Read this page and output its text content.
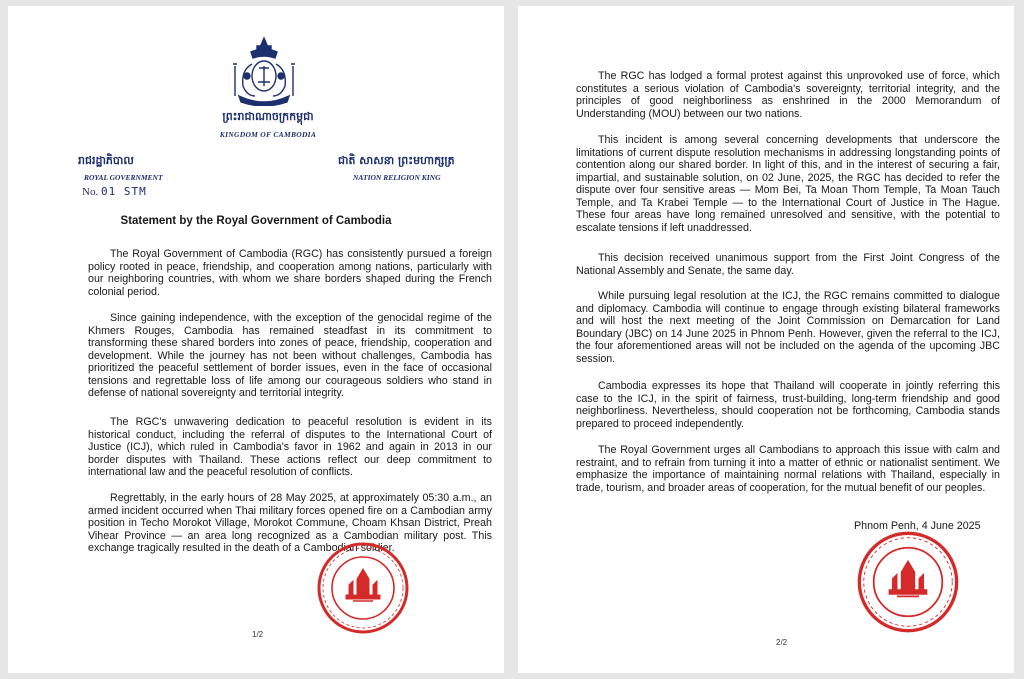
ព្រះរាជាណាចក្រកម្ពុជា
KINGDOM OF CAMBODIA
រាជរដ្ឋាភិបាល	ជាតិ សាសនា ព្រះមហាក្សត្រ
ROYAL GOVERNMENT	NATION RELIGION KING
No. 01 STM
Statement by the Royal Government of Cambodia

The Royal Government of Cambodia (RGC) has consistently pursued a foreign policy rooted in peace, friendship, and cooperation among nations, particularly with our neighboring countries, with whom we share borders shaped during the French colonial period.

Since gaining independence, with the exception of the genocidal regime of the Khmers Rouges, Cambodia has remained steadfast in its commitment to transforming these shared borders into zones of peace, friendship, cooperation and development. While the journey has not been without challenges, Cambodia has prioritized the peaceful settlement of border issues, even in the face of occasional tensions and regrettable loss of life among our courageous soldiers who stand in defense of national sovereignty and territorial integrity.

The RGC's unwavering dedication to peaceful resolution is evident in its historical conduct, including the referral of disputes to the International Court of Justice (ICJ), which ruled in Cambodia's favor in 1962 and again in 2013 in our border disputes with Thailand. These actions reflect our deep commitment to international law and the peaceful resolution of conflicts.

Regrettably, in the early hours of 28 May 2025, at approximately 05:30 a.m., an armed incident occurred when Thai military forces opened fire on a Cambodian army position in Techo Morokot Village, Morokot Commune, Choam Khsan District, Preah Vihear Province — an area long recognized as a Cambodian military post. This exchange tragically resulted in the death of a Cambodian soldier.

1/2

The RGC has lodged a formal protest against this unprovoked use of force, which constitutes a serious violation of Cambodia's sovereignty, territorial integrity, and the principles of good neighborliness as enshrined in the 2000 Memorandum of Understanding (MOU) between our two nations.

This incident is among several concerning developments that underscore the limitations of current dispute resolution mechanisms in addressing longstanding points of contention along our shared border. In light of this, and in the interest of securing a fair, impartial, and sustainable solution, on 02 June, 2025, the RGC has decided to refer the dispute over four sensitive areas — Mom Bei, Ta Moan Thom Temple, Ta Moan Tauch Temple, and Ta Krabei Temple — to the International Court of Justice in The Hague. These four areas have long remained unresolved and sensitive, with the potential to escalate tensions if left unaddressed.

This decision received unanimous support from the First Joint Congress of the National Assembly and Senate, the same day.

While pursuing legal resolution at the ICJ, the RGC remains committed to dialogue and diplomacy. Cambodia will continue to engage through existing bilateral frameworks and will host the next meeting of the Joint Commission on Demarcation for Land Boundary (JBC) on 14 June 2025 in Phnom Penh. However, given the referral to the ICJ, the four aforementioned areas will not be included on the agenda of the upcoming JBC session.

Cambodia expresses its hope that Thailand will cooperate in jointly referring this case to the ICJ, in the spirit of fairness, trust-building, long-term friendship and good neighborliness. Nevertheless, should cooperation not be forthcoming, Cambodia stands prepared to proceed independently.

The Royal Government urges all Cambodians to approach this issue with calm and restraint, and to refrain from turning it into a matter of ethnic or nationalist sentiment. We emphasize the importance of maintaining normal relations with Thailand, especially in trade, tourism, and broader areas of cooperation, for the mutual benefit of our peoples.

Phnom Penh, 4 June 2025
2/2
